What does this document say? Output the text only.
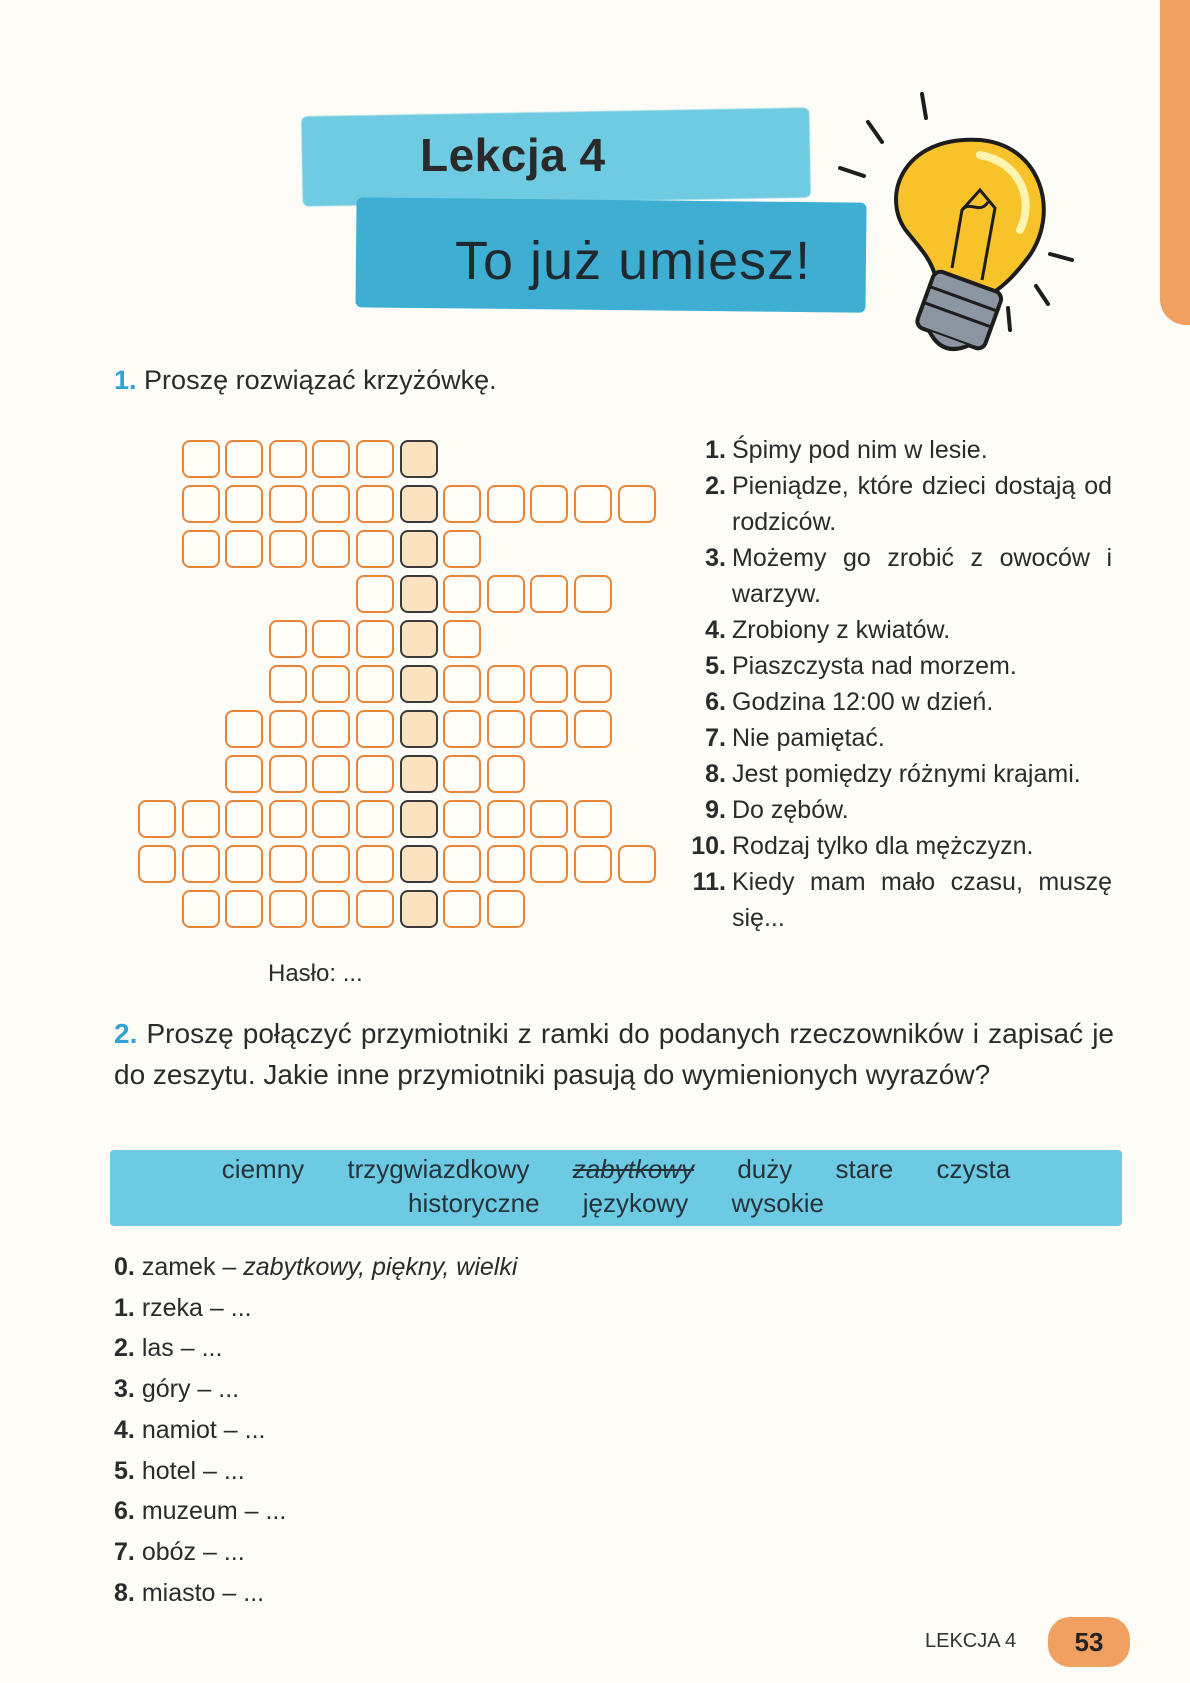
Lekcja 4
To już umiesz!

1. Proszę rozwiązać krzyżówkę.

1. Śpimy pod nim w lesie.
2. Pieniądze, które dzieci dostają od rodziców.
3. Możemy go zrobić z owoców i warzyw.
4. Zrobiony z kwiatów.
5. Piaszczysta nad morzem.
6. Godzina 12:00 w dzień.
7. Nie pamiętać.
8. Jest pomiędzy różnymi krajami.
9. Do zębów.
10. Rodzaj tylko dla mężczyzn.
11. Kiedy mam mało czasu, muszę się...
Hasło: ...

2. Proszę połączyć przymiotniki z ramki do podanych rzeczowników i zapisać je do zeszytu. Jakie inne przymiotniki pasują do wymienionych wyrazów?

ciemny trzygwiazdkowy zabytkowy duży stare czysta
historyczne językowy wysokie
0. zamek – zabytkowy, piękny, wielki
1. rzeka – ...
2. las – ...
3. góry – ...
4. namiot – ...
5. hotel – ...
6. muzeum – ...
7. obóz – ...
8. miasto – ...
LEKCJA 4	53
